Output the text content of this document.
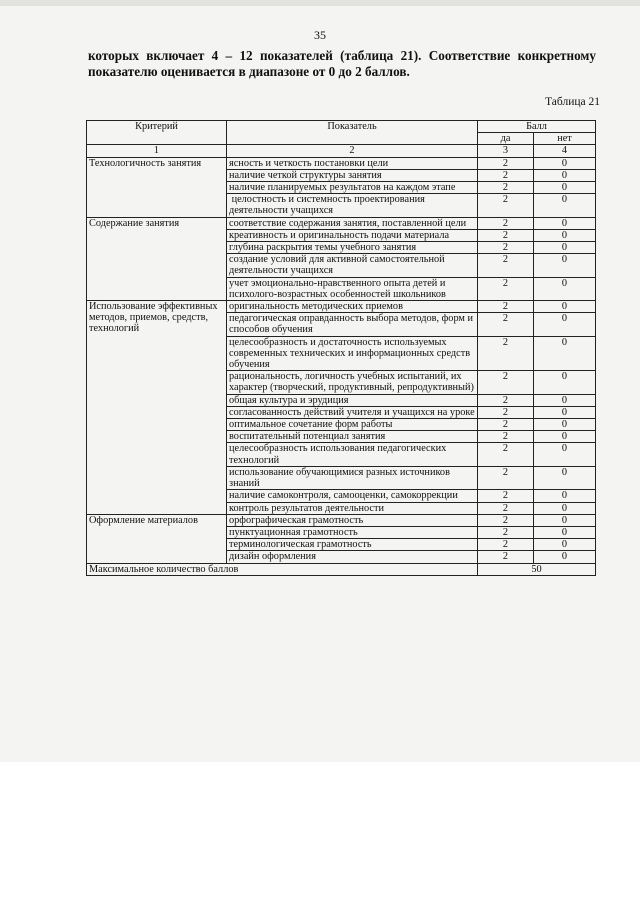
35
которых включает 4 – 12 показателей (таблица 21). Соответствие конкретному показателю оценивается в диапазоне от 0 до 2 баллов.
Таблица 21
Критерий	Показатель	Балл	
		да	нет
1	2	3	4
Технологичность занятия	ясность и четкость постановки цели	2	0
	наличие четкой структуры занятия	2	0
	наличие планируемых результатов на каждом этапе	2	0
	целостность и системность проектирования деятельности учащихся	2	0
Содержание занятия	соответствие содержания занятия, поставленной цели	2	0
	креативность и оригинальность подачи материала	2	0
	глубина раскрытия темы учебного занятия	2	0
	создание условий для активной самостоятельной деятельности учащихся	2	0
	учет эмоционально-нравственного опыта детей и психолого-возрастных особенностей школьников	2	0
Использование эффективных методов, приемов, средств, технологий	оригинальность методических приемов	2	0
	педагогическая оправданность выбора методов, форм и способов обучения	2	0
	целесообразность и достаточность используемых современных технических и информационных средств обучения	2	0
	рациональность, логичность учебных испытаний, их характер (творческий, продуктивный, репродуктивный)	2	0
	общая культура и эрудиция	2	0
	согласованность действий учителя и учащихся на уроке	2	0
	оптимальное сочетание форм работы	2	0
	воспитательный потенциал занятия	2	0
	целесообразность использования педагогических технологий	2	0
	использование обучающимися разных источников знаний	2	0
	наличие самоконтроля, самооценки, самокоррекции	2	0
	контроль результатов деятельности	2	0
Оформление материалов	орфографическая грамотность	2	0
	пунктуационная грамотность	2	0
	терминологическая грамотность	2	0
	дизайн оформления	2	0
Максимальное количество баллов		50	
